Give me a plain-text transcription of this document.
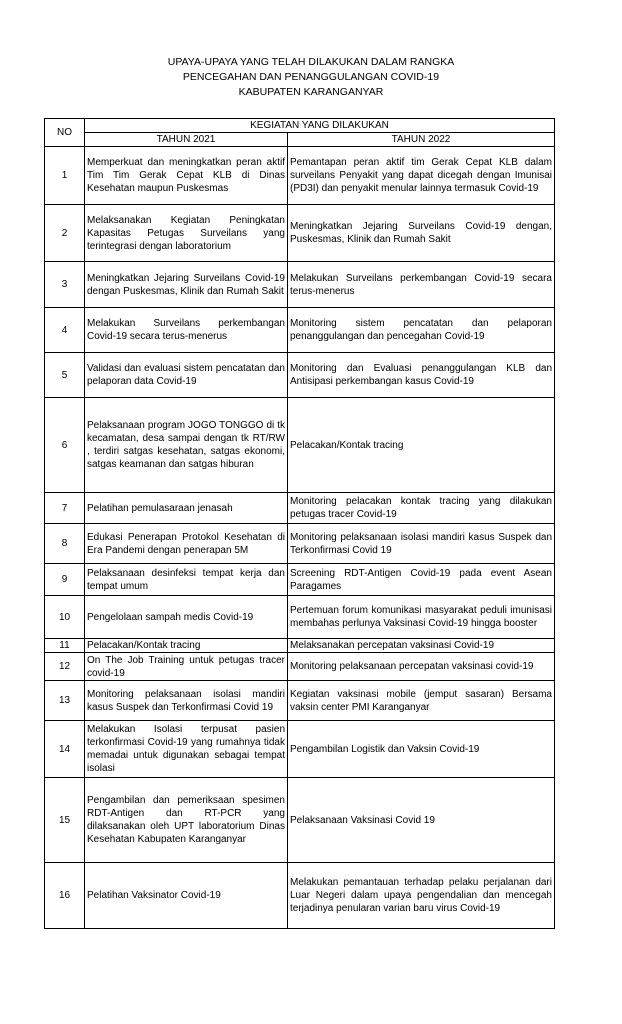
UPAYA-UPAYA YANG TELAH DILAKUKAN DALAM RANGKA
PENCEGAHAN DAN PENANGGULANGAN COVID-19
KABUPATEN KARANGANYAR
NO	KEGIATAN YANG DILAKUKAN	
	TAHUN 2021	TAHUN 2022
1	Memperkuat dan meningkatkan peran aktif Tim Tim Gerak Cepat KLB di Dinas Kesehatan maupun Puskesmas	Pemantapan peran aktif tim Gerak Cepat KLB dalam surveilans Penyakit yang dapat dicegah dengan Imunisai (PD3I) dan penyakit menular lainnya termasuk Covid-19
2	Melaksanakan Kegiatan Peningkatan Kapasitas Petugas Surveilans yang terintegrasi dengan laboratorium	Meningkatkan Jejaring Surveilans Covid-19 dengan, Puskesmas, Klinik dan Rumah Sakit
3	Meningkatkan Jejaring Surveilans Covid-19 dengan Puskesmas, Klinik dan Rumah Sakit	Melakukan Surveilans perkembangan Covid-19 secara terus-menerus
4	Melakukan Surveilans perkembangan Covid-19 secara terus-menerus	Monitoring sistem pencatatan dan pelaporan penanggulangan dan pencegahan Covid-19
5	Validasi dan evaluasi sistem pencatatan dan pelaporan data Covid-19	Monitoring dan Evaluasi penanggulangan KLB dan Antisipasi perkembangan kasus Covid-19
6	Pelaksanaan program JOGO TONGGO di tk kecamatan, desa sampai dengan tk RT/RW , terdiri satgas kesehatan, satgas ekonomi, satgas keamanan dan satgas hiburan	Pelacakan/Kontak tracing
7	Pelatihan pemulasaraan jenasah	Monitoring pelacakan kontak tracing yang dilakukan petugas tracer Covid-19
8	Edukasi Penerapan Protokol Kesehatan di Era Pandemi dengan penerapan 5M	Monitoring pelaksanaan isolasi mandiri kasus Suspek dan Terkonfirmasi Covid 19
9	Pelaksanaan desinfeksi tempat kerja dan tempat umum	Screening RDT-Antigen Covid-19 pada event Asean Paragames
10	Pengelolaan sampah medis Covid-19	Pertemuan forum komunikasi masyarakat peduli imunisasi membahas perlunya Vaksinasi Covid-19 hingga booster
11	Pelacakan/Kontak tracing	Melaksanakan percepatan vaksinasi Covid-19
12	On The Job Training untuk petugas tracer covid-19	Monitoring pelaksanaan percepatan vaksinasi covid-19
13	Monitoring pelaksanaan isolasi mandiri kasus Suspek dan Terkonfirmasi Covid 19	Kegiatan vaksinasi mobile (jemput sasaran) Bersama vaksin center PMI Karanganyar
14	Melakukan Isolasi terpusat pasien terkonfirmasi Covid-19 yang rumahnya tidak memadai untuk digunakan sebagai tempat isolasi	Pengambilan Logistik dan Vaksin Covid-19
15	Pengambilan dan pemeriksaan spesimen RDT-Antigen dan RT-PCR yang dilaksanakan oleh UPT laboratorium Dinas Kesehatan Kabupaten Karanganyar	Pelaksanaan Vaksinasi Covid 19
16	Pelatihan Vaksinator Covid-19	Melakukan pemantauan terhadap pelaku perjalanan dari Luar Negeri dalam upaya pengendalian dan mencegah terjadinya penularan varian baru virus Covid-19
